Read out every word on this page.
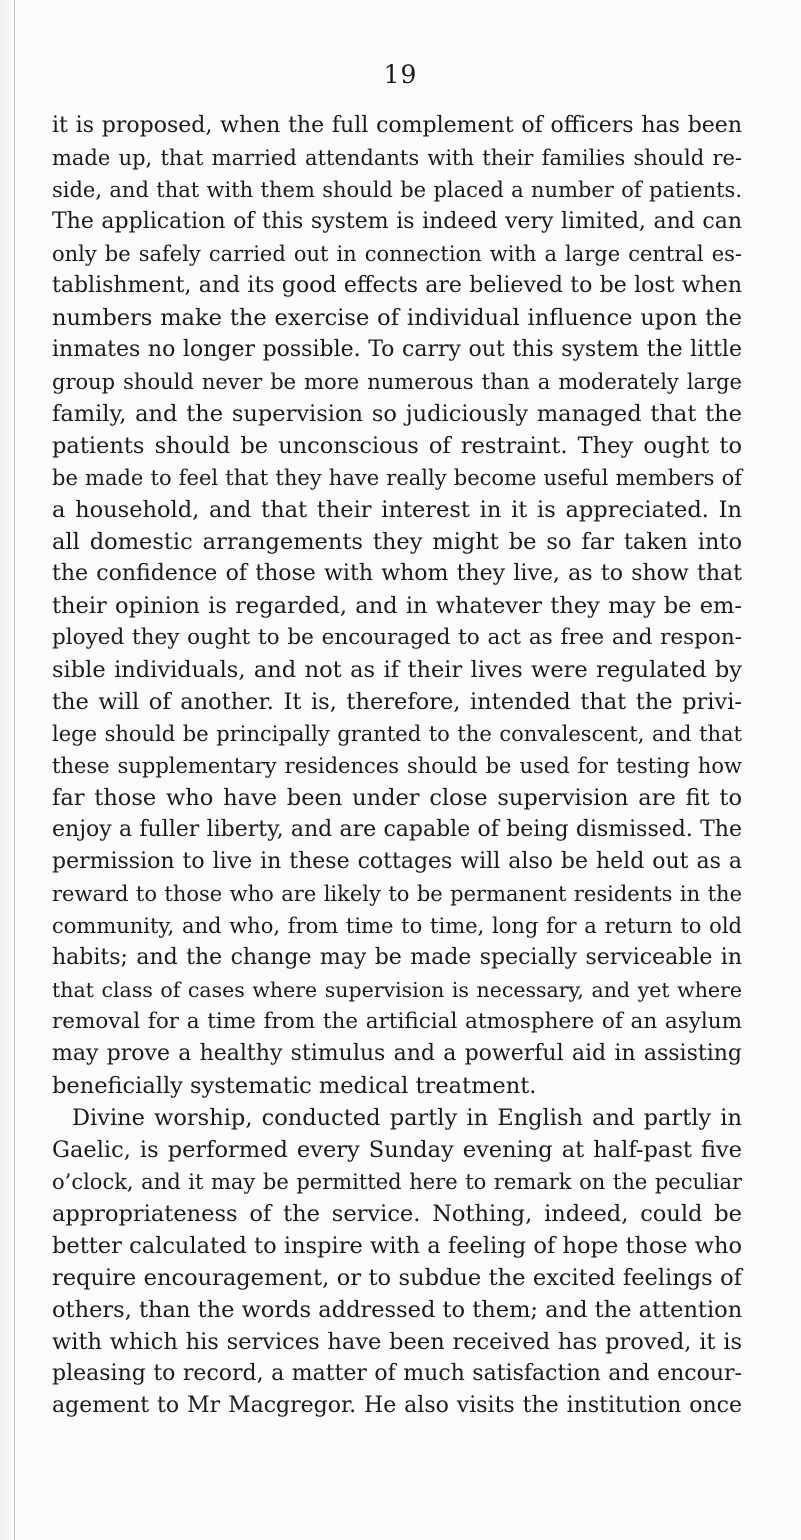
19
it is proposed, when the full complement of officers has been
made up, that married attendants with their families should re-
side, and that with them should be placed a number of patients.
The application of this system is indeed very limited, and can
only be safely carried out in connection with a large central es-
tablishment, and its good effects are believed to be lost when
numbers make the exercise of individual influence upon the
inmates no longer possible. To carry out this system the little
group should never be more numerous than a moderately large
family, and the supervision so judiciously managed that the
patients should be unconscious of restraint. They ought to
be made to feel that they have really become useful members of
a household, and that their interest in it is appreciated. In
all domestic arrangements they might be so far taken into
the confidence of those with whom they live, as to show that
their opinion is regarded, and in whatever they may be em-
ployed they ought to be encouraged to act as free and respon-
sible individuals, and not as if their lives were regulated by
the will of another. It is, therefore, intended that the privi-
lege should be principally granted to the convalescent, and that
these supplementary residences should be used for testing how
far those who have been under close supervision are fit to
enjoy a fuller liberty, and are capable of being dismissed. The
permission to live in these cottages will also be held out as a
reward to those who are likely to be permanent residents in the
community, and who, from time to time, long for a return to old
habits; and the change may be made specially serviceable in
that class of cases where supervision is necessary, and yet where
removal for a time from the artificial atmosphere of an asylum
may prove a healthy stimulus and a powerful aid in assisting
beneficially systematic medical treatment.
Divine worship, conducted partly in English and partly in
Gaelic, is performed every Sunday evening at half-past five
o’clock, and it may be permitted here to remark on the peculiar
appropriateness of the service. Nothing, indeed, could be
better calculated to inspire with a feeling of hope those who
require encouragement, or to subdue the excited feelings of
others, than the words addressed to them; and the attention
with which his services have been received has proved, it is
pleasing to record, a matter of much satisfaction and encour-
agement to Mr Macgregor. He also visits the institution once
